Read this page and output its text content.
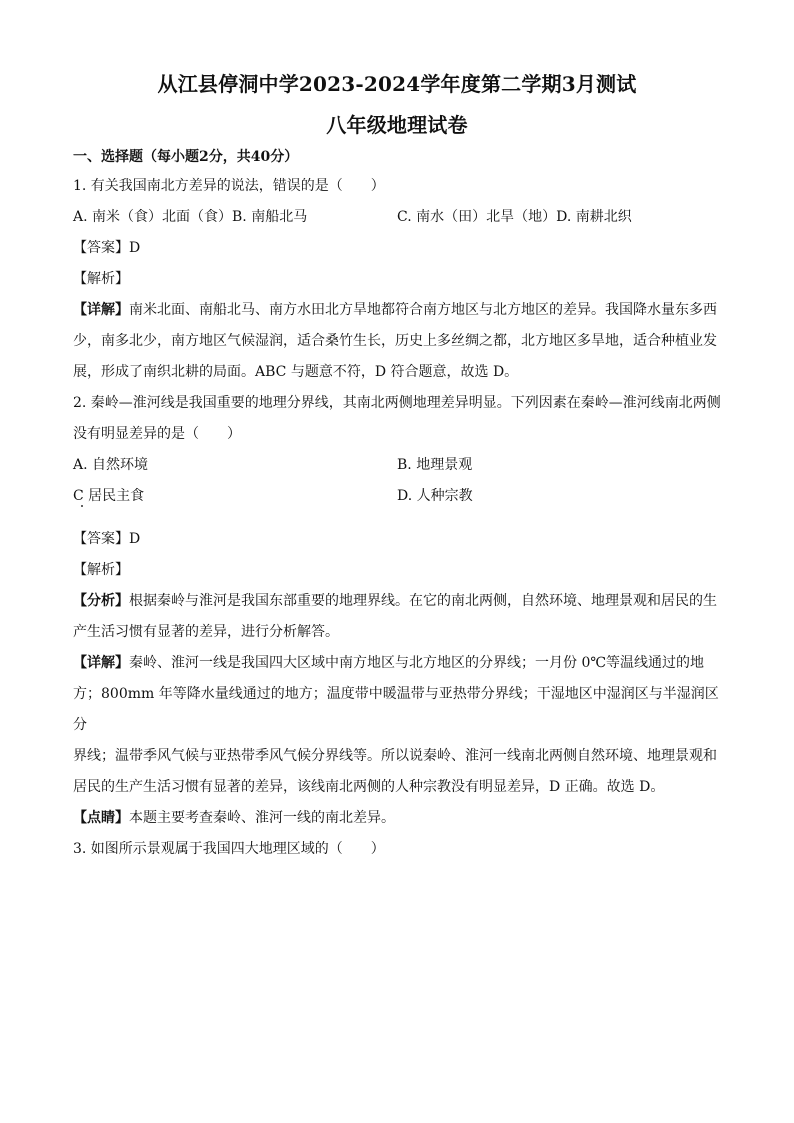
从江县停洞中学2023-2024学年度第二学期3月测试
八年级地理试卷
一、选择题（每小题2分，共40分）

1. 有关我国南北方差异的说法，错误的是（　　）

A. 南米（食）北面（食）B. 南船北马	C. 南水（田）北旱（地）D. 南耕北织

【答案】D

【解析】

【详解】南米北面、南船北马、南方水田北方旱地都符合南方地区与北方地区的差异。我国降水量东多西

少，南多北少，南方地区气候湿润，适合桑竹生长，历史上多丝绸之都，北方地区多旱地，适合种植业发

展，形成了南织北耕的局面。ABC 与题意不符，D 符合题意，故选 D。

2. 秦岭—淮河线是我国重要的地理分界线，其南北两侧地理差异明显。下列因素在秦岭—淮河线南北两侧

没有明显差异的是（　　）

A. 自然环境	B. 地理景观
C 居民主食	D. 人种宗教

【答案】D

【解析】

【分析】根据秦岭与淮河是我国东部重要的地理界线。在它的南北两侧，自然环境、地理景观和居民的生

产生活习惯有显著的差异，进行分析解答。

【详解】秦岭、淮河一线是我国四大区域中南方地区与北方地区的分界线；一月份 0℃等温线通过的地

方；800mm 年等降水量线通过的地方；温度带中暖温带与亚热带分界线；干湿地区中湿润区与半湿润区分

界线；温带季风气候与亚热带季风气候分界线等。所以说秦岭、淮河一线南北两侧自然环境、地理景观和

居民的生产生活习惯有显著的差异，该线南北两侧的人种宗教没有明显差异，D 正确。故选 D。

【点睛】本题主要考查秦岭、淮河一线的南北差异。

3. 如图所示景观属于我国四大地理区域的（　　）
